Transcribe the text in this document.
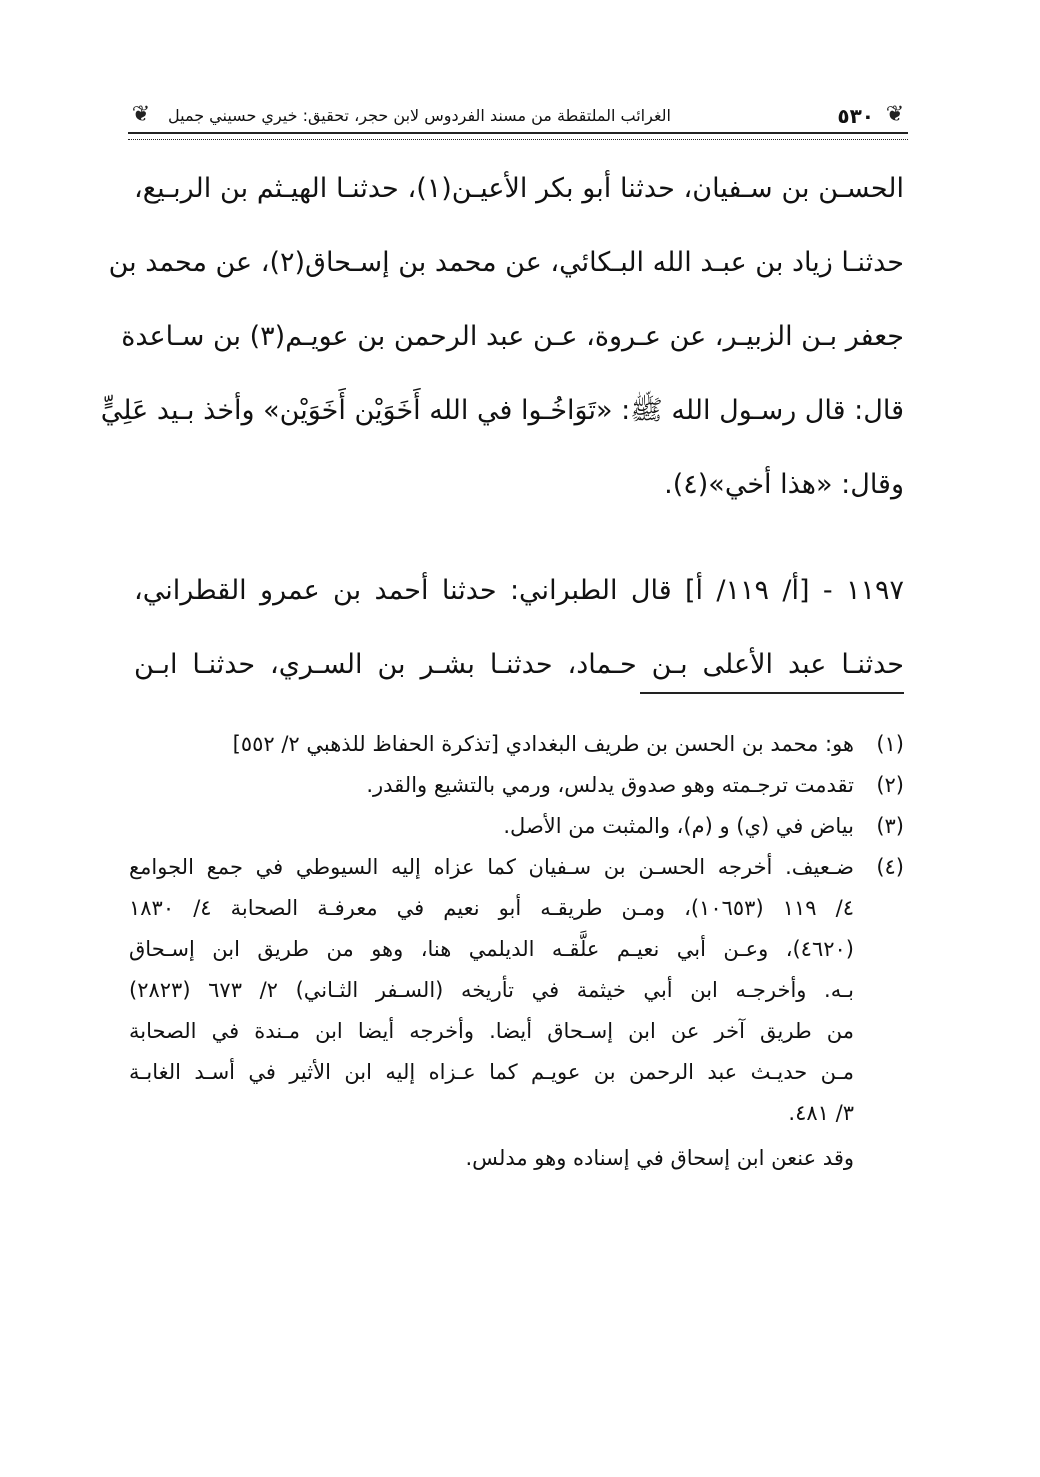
❦
٥٣٠
الغرائب الملتقطة من مسند الفردوس لابن حجر، تحقيق: خيري حسيني جميل
❦
الحسـن بن سـفيان، حدثنا أبو بكر الأعيـن(١)، حدثنـا الهيـثم بن الربـيع،
حدثنـا زياد بن عبـد الله البـكائي، عن محمد بن إسـحاق(٢)، عن محمد بن
جعفر بـن الزبيـر، عن عـروة، عـن عبد الرحمن بن عويـم(٣) بن سـاعدة
قال: قال رسـول الله ﷺ: «تَوَاخُـوا في الله أَخَوَيْن أَخَوَيْن» وأخذ بـيد عَلِيٍّ
وقال: «هذا أخي»(٤).
١١٩٧ - [أ/ ١١٩/ أ] قال الطبراني: حدثنا أحمد بن عمرو القطراني،
حدثنـا عبد الأعلى بـن حـماد، حدثنـا بشـر بن السـري، حدثنـا ابـن
(١)
هو: محمد بن الحسن بن طريف البغدادي [تذكرة الحفاظ للذهبي ٢/ ٥٥٢]
(٢)
تقدمت ترجـمته وهو صدوق يدلس، ورمي بالتشيع والقدر.
(٣)
بياض في (ي) و (م)، والمثبت من الأصل.
(٤)
ضـعيف. أخرجه الحسـن بن سـفيان كما عزاه إليه السيوطي في جمع الجوامع
٤/ ١١٩ (١٠٦٥٣)، ومـن طريقـه أبو نعيم في معرفـة الصحابة ٤/ ١٨٣٠
(٤٦٢٠)، وعـن أبي نعيـم علَّقـه الديلمي هنا، وهو من طريق ابن إسـحاق
بـه. وأخرجـه ابن أبي خيثمة في تأريخه (السـفر الثـاني) ٢/ ٦٧٣ (٢٨٢٣)
من طريق آخر عن ابن إسـحاق أيضا. وأخرجه أيضا ابن مـندة في الصحابة
مـن حديـث عبد الرحمن بن عويـم كما عـزاه إليه ابن الأثير في أسـد الغابـة
٣/ ٤٨١.
وقد عنعن ابن إسحاق في إسناده وهو مدلس.
